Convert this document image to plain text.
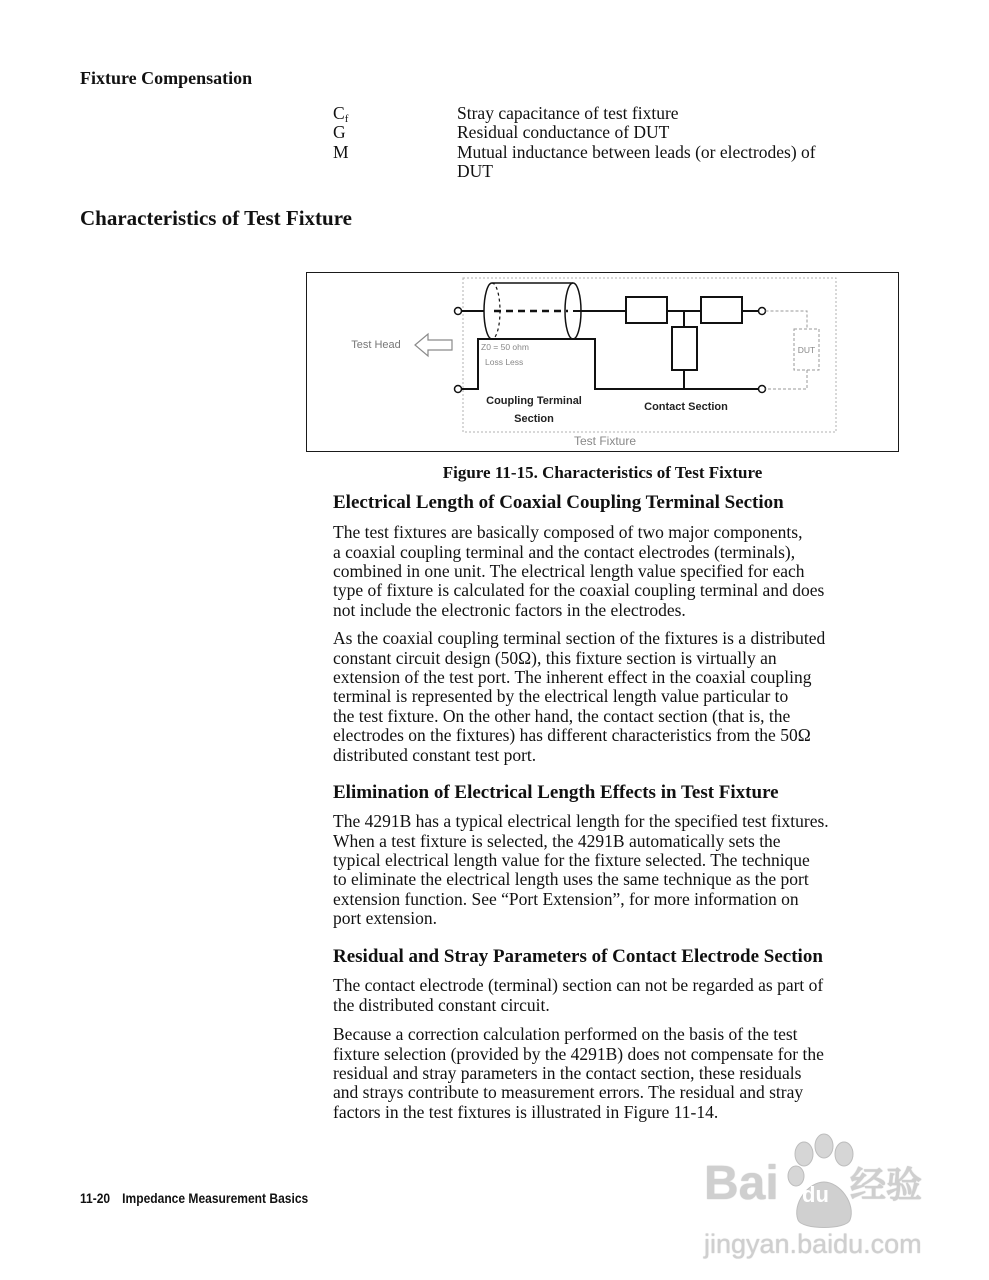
Fixture Compensation
$C_f$	Stray capacitance of test fixture
G	Residual conductance of DUT
M	Mutual inductance between leads (or electrodes) of
DUT
Characteristics of Test Fixture
DUT
Test Head	Z0 = 50 ohm
Loss Less
Coupling Terminal
Section
Contact Section
Test Fixture
Figure 11-15. Characteristics of Test Fixture
Electrical Length of Coaxial Coupling Terminal Section
The test fixtures are basically composed of two major components,
a coaxial coupling terminal and the contact electrodes (terminals),
combined in one unit. The electrical length value specified for each
type of fixture is calculated for the coaxial coupling terminal and does
not include the electronic factors in the electrodes.
As the coaxial coupling terminal section of the fixtures is a distributed
constant circuit design (50Ω), this fixture section is virtually an
extension of the test port. The inherent effect in the coaxial coupling
terminal is represented by the electrical length value particular to
the test fixture. On the other hand, the contact section (that is, the
electrodes on the fixtures) has different characteristics from the 50Ω
distributed constant test port.
Elimination of Electrical Length Effects in Test Fixture
The 4291B has a typical electrical length for the specified test fixtures.
When a test fixture is selected, the 4291B automatically sets the
typical electrical length value for the fixture selected. The technique
to eliminate the electrical length uses the same technique as the port
extension function. See “Port Extension”, for more information on
port extension.
Residual and Stray Parameters of Contact Electrode Section
The contact electrode (terminal) section can not be regarded as part of
the distributed constant circuit.
Because a correction calculation performed on the basis of the test
fixture selection (provided by the 4291B) does not compensate for the
residual and stray parameters in the contact section, these residuals
and strays contribute to measurement errors. The residual and stray
factors in the test fixtures is illustrated in Figure 11-14.
11-20 Impedance Measurement Basics	Bai du 经验
jingyan.baidu.com
